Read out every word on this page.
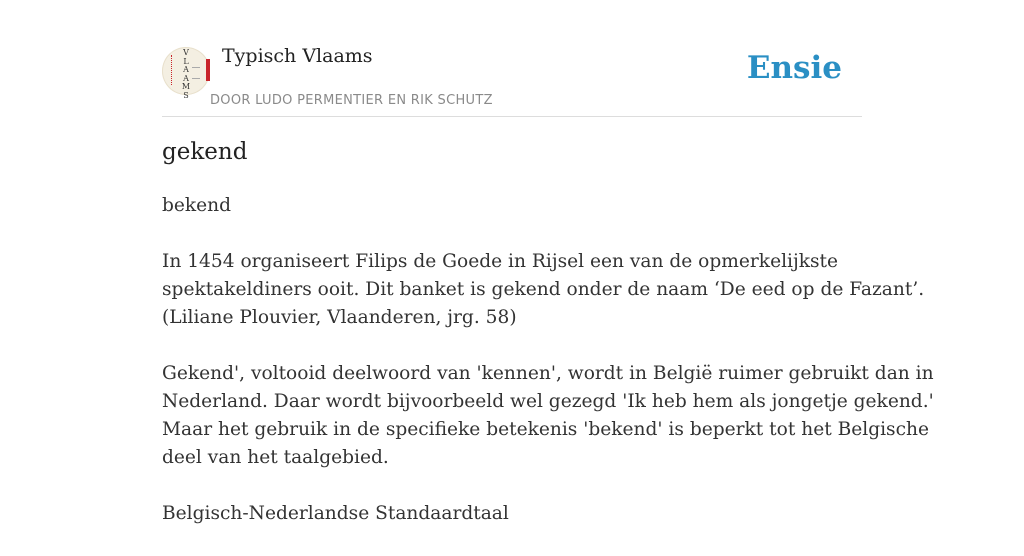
V
L
A
A
M
S
Typisch Vlaams
DOOR LUDO PERMENTIER EN RIK SCHUTZ
Ensie
gekend

bekend

In 1454 organiseert Filips de Goede in Rijsel een van de opmerkelijkste
spektakeldiners ooit. Dit banket is gekend onder de naam ‘De eed op de Fazant’.
(Liliane Plouvier, Vlaanderen, jrg. 58)

Gekend', voltooid deelwoord van 'kennen', wordt in België ruimer gebruikt dan in
Nederland. Daar wordt bijvoorbeeld wel gezegd 'Ik heb hem als jongetje gekend.'
Maar het gebruik in de specifieke betekenis 'bekend' is beperkt tot het Belgische
deel van het taalgebied.

Belgisch-Nederlandse Standaardtaal
